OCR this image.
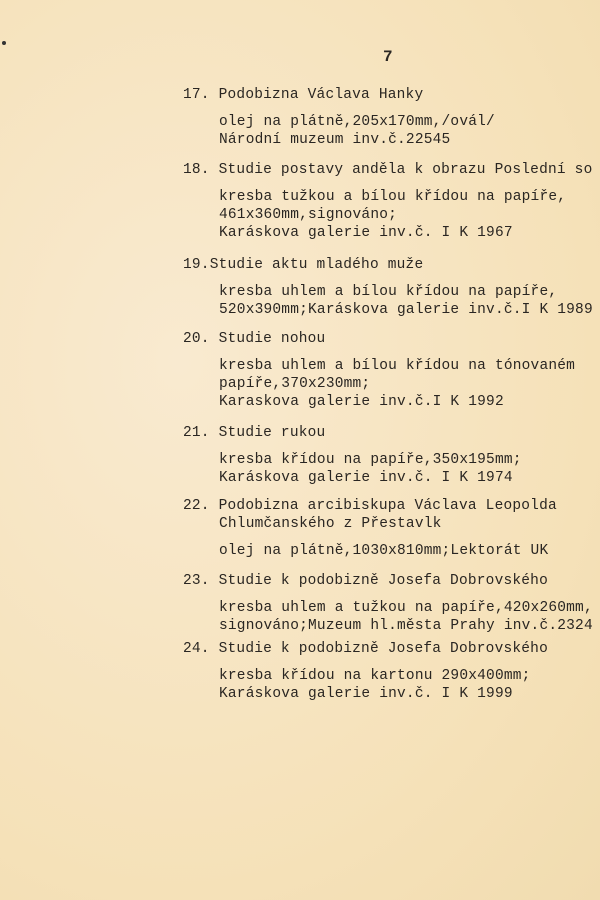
7
17. Podobizna Václava Hanky
olej na plátně,205x170mm,/ovál/
Národní muzeum inv.č.22545
18. Studie postavy anděla k obrazu Poslední so
kresba tužkou a bílou křídou na papíře,
461x360mm,signováno;
Karáskova galerie inv.č. I K 1967
19.Studie aktu mladého muže
kresba uhlem a bílou křídou na papíře,
520x390mm;Karáskova galerie inv.č.I K 1989
20. Studie nohou
kresba uhlem a bílou křídou na tónovaném
papíře,370x230mm;
Karaskova galerie inv.č.I K 1992
21. Studie rukou
kresba křídou na papíře,350x195mm;
Karáskova galerie inv.č. I K 1974
22. Podobizna arcibiskupa Václava Leopolda
Chlumčanského z Přestavlk
olej na plátně,1030x810mm;Lektorát UK
23. Studie k podobizně Josefa Dobrovského
kresba uhlem a tužkou na papíře,420x260mm,
signováno;Muzeum hl.města Prahy inv.č.2324
24. Studie k podobizně Josefa Dobrovského
kresba křídou na kartonu 290x400mm;
Karáskova galerie inv.č. I K 1999
